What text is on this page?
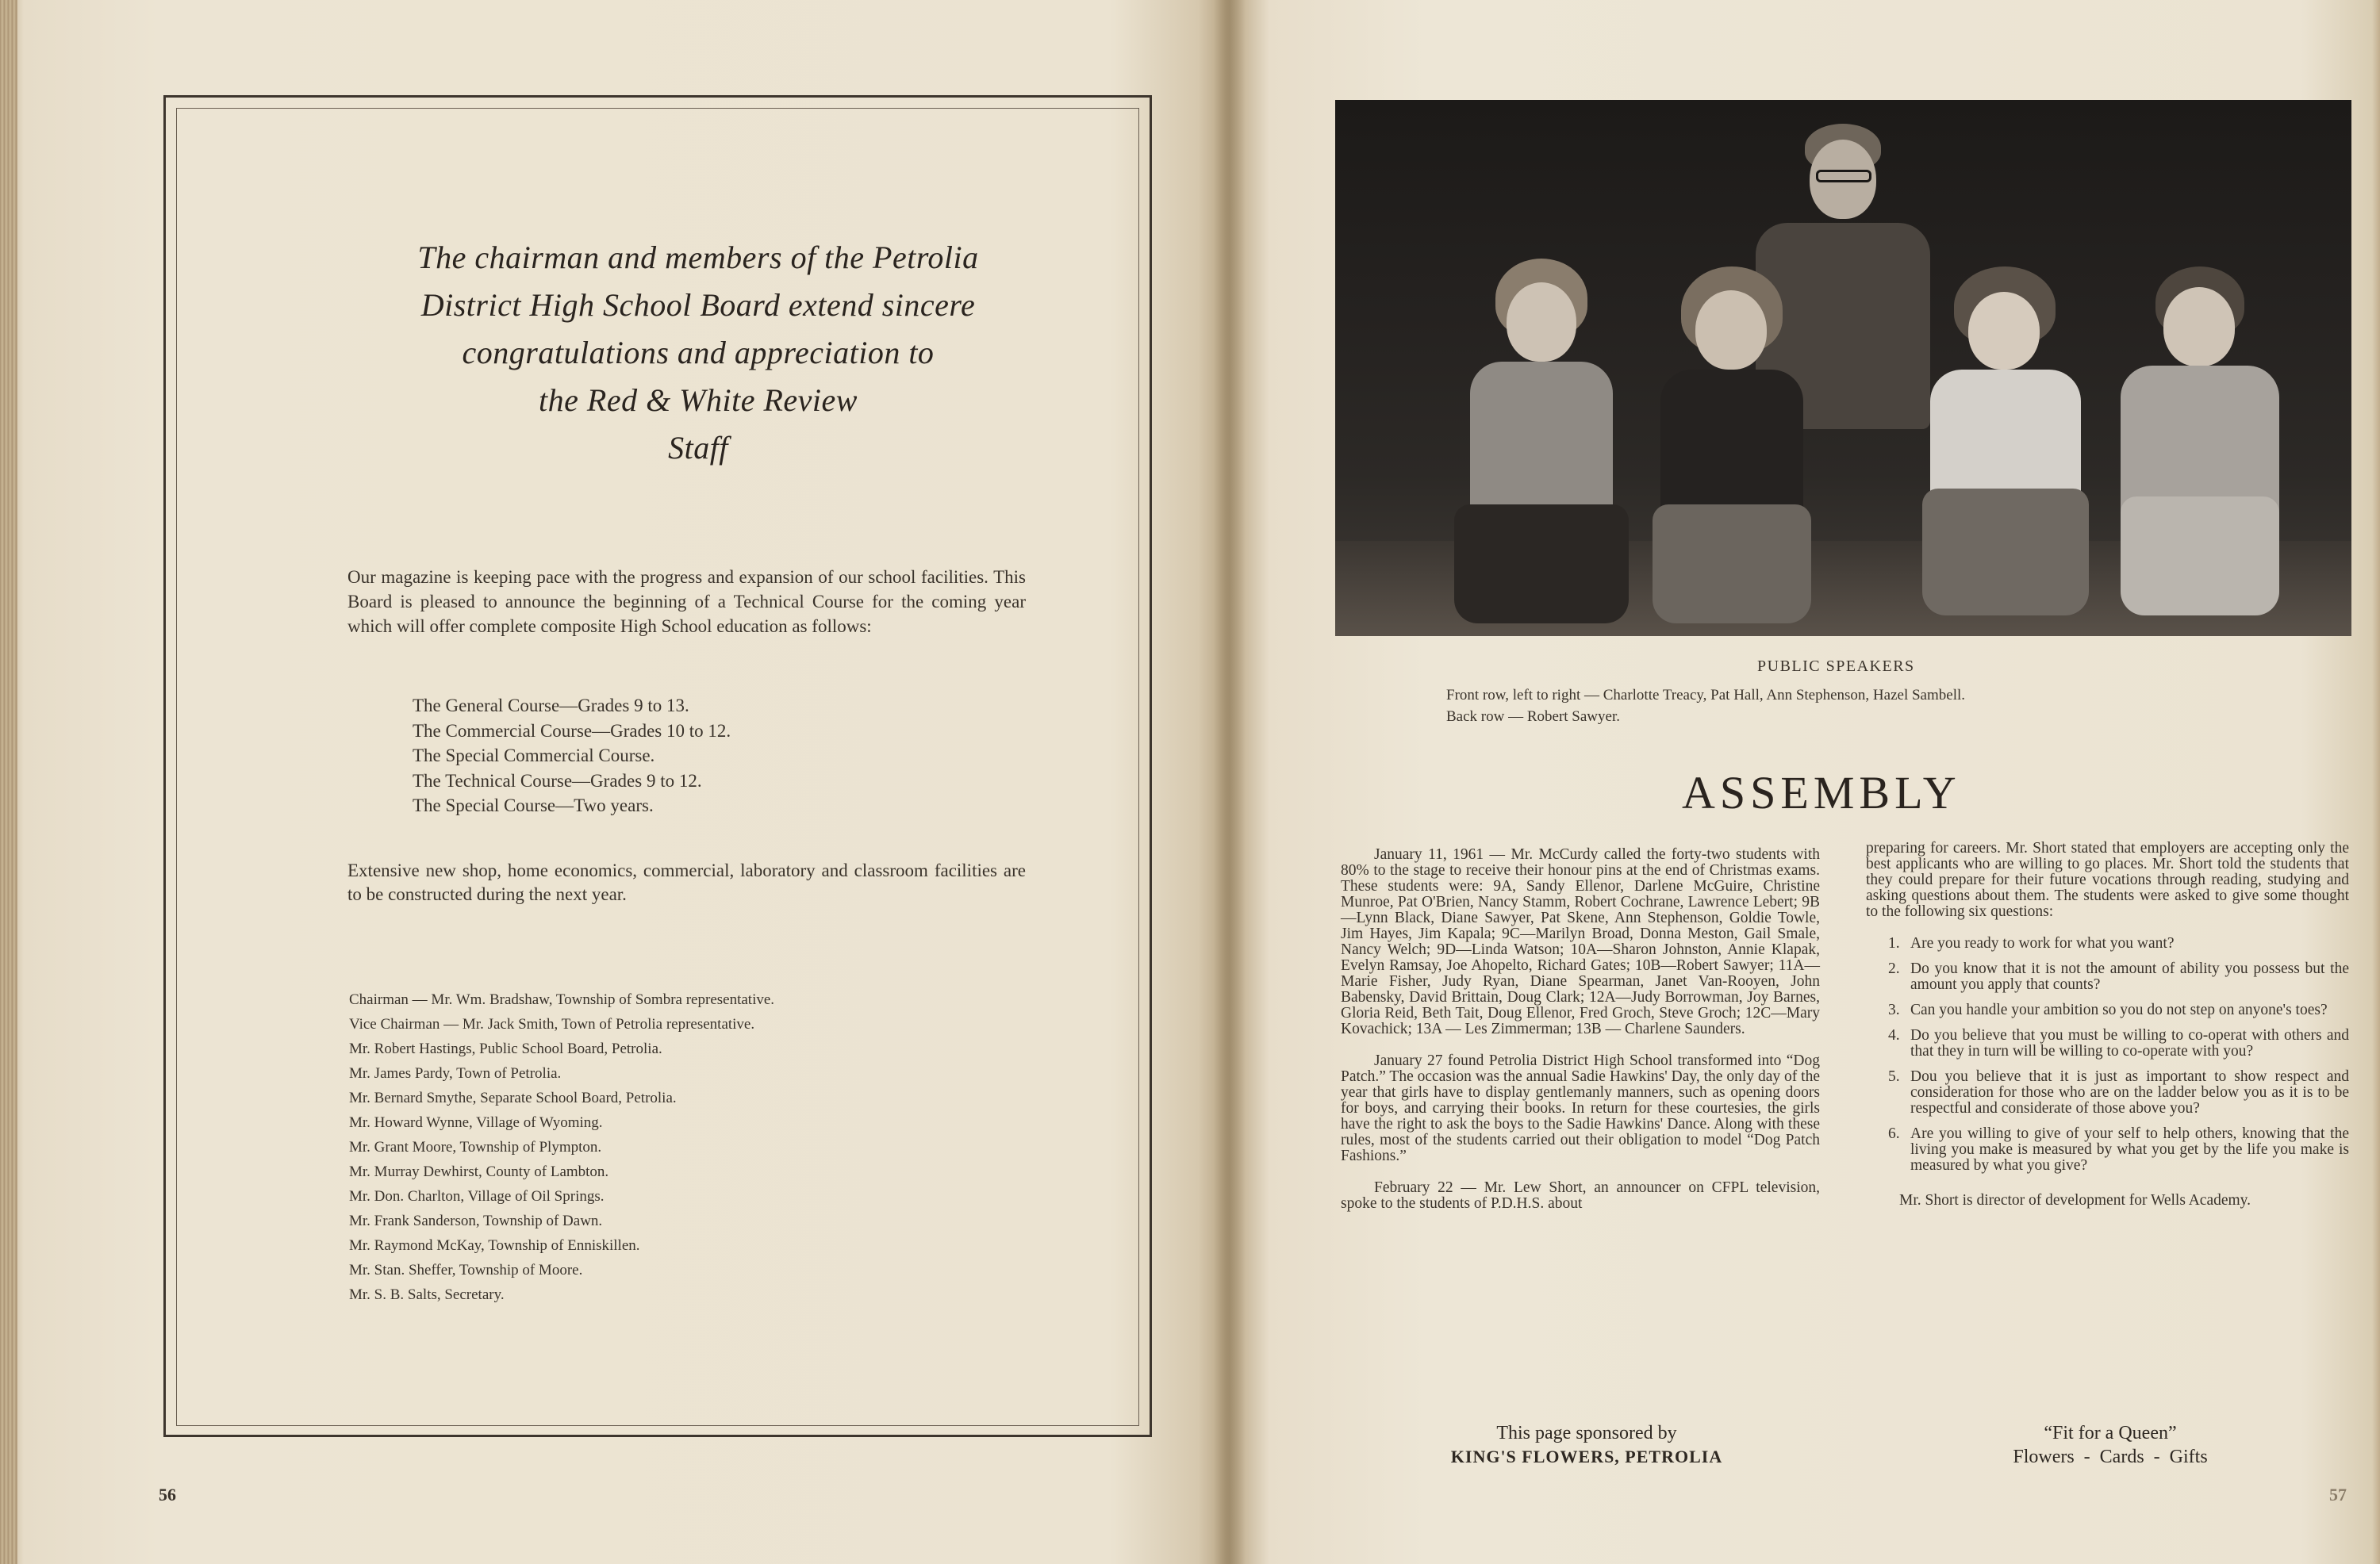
The chairman and members of the Petrolia
District High School Board extend sincere
congratulations and appreciation to
the Red & White Review
Staff
Our magazine is keeping pace with the progress and expansion of our school facilities. This Board is pleased to announce the beginning of a Technical Course for the coming year which will offer complete composite High School education as follows:
The General Course—Grades 9 to 13.
The Commercial Course—Grades 10 to 12.
The Special Commercial Course.
The Technical Course—Grades 9 to 12.
The Special Course—Two years.
Extensive new shop, home economics, commercial, laboratory and classroom facilities are to be constructed during the next year.
Chairman — Mr. Wm. Bradshaw, Township of Sombra representative.
Vice Chairman — Mr. Jack Smith, Town of Petrolia representative.
Mr. Robert Hastings, Public School Board, Petrolia.
Mr. James Pardy, Town of Petrolia.
Mr. Bernard Smythe, Separate School Board, Petrolia.
Mr. Howard Wynne, Village of Wyoming.
Mr. Grant Moore, Township of Plympton.
Mr. Murray Dewhirst, County of Lambton.
Mr. Don. Charlton, Village of Oil Springs.
Mr. Frank Sanderson, Township of Dawn.
Mr. Raymond McKay, Township of Enniskillen.
Mr. Stan. Sheffer, Township of Moore.
Mr. S. B. Salts, Secretary.
56
PUBLIC SPEAKERS
Front row, left to right — Charlotte Treacy, Pat Hall, Ann Stephenson, Hazel Sambell.
Back row — Robert Sawyer.
ASSEMBLY

January 11, 1961 — Mr. McCurdy called the forty-two students with 80% to the stage to receive their honour pins at the end of Christmas exams. These students were: 9A, Sandy Ellenor, Darlene McGuire, Christine Munroe, Pat O'Brien, Nancy Stamm, Robert Cochrane, Lawrence Lebert; 9B—Lynn Black, Diane Sawyer, Pat Skene, Ann Stephenson, Goldie Towle, Jim Hayes, Jim Kapala; 9C—Marilyn Broad, Donna Meston, Gail Smale, Nancy Welch; 9D—Linda Watson; 10A—Sharon Johnston, Annie Klapak, Evelyn Ramsay, Joe Ahopelto, Richard Gates; 10B—Robert Sawyer; 11A—Marie Fisher, Judy Ryan, Diane Spearman, Janet Van-Rooyen, John Babensky, David Brittain, Doug Clark; 12A—Judy Borrowman, Joy Barnes, Gloria Reid, Beth Tait, Doug Ellenor, Fred Groch, Steve Groch; 12C—Mary Kovachick; 13A — Les Zimmerman; 13B — Charlene Saunders.

January 27 found Petrolia District High School transformed into “Dog Patch.” The occasion was the annual Sadie Hawkins' Day, the only day of the year that girls have to display gentlemanly manners, such as opening doors for boys, and carrying their books. In return for these courtesies, the girls have the right to ask the boys to the Sadie Hawkins' Dance. Along with these rules, most of the students carried out their obligation to model “Dog Patch Fashions.”

February 22 — Mr. Lew Short, an announcer on CFPL television, spoke to the students of P.D.H.S. about

preparing for careers. Mr. Short stated that employers are accepting only the best applicants who are willing to go places. Mr. Short told the students that they could prepare for their future vocations through reading, studying and asking questions about them. The students were asked to give some thought to the following six questions:

1. Are you ready to work for what you want?
2. Do you know that it is not the amount of ability you possess but the amount you apply that counts?
3. Can you handle your ambition so you do not step on anyone's toes?
4. Do you believe that you must be willing to co-operat with others and that they in turn will be willing to co-operate with you?
5. Dou you believe that it is just as important to show respect and consideration for those who are on the ladder below you as it is to be respectful and considerate of those above you?
6. Are you willing to give of your self to help others, knowing that the living you make is measured by what you get by the life you make is measured by what you give?

Mr. Short is director of development for Wells Academy.

This page sponsored by
KING'S FLOWERS, PETROLIA
“Fit for a Queen”
Flowers  -  Cards  -  Gifts
57
